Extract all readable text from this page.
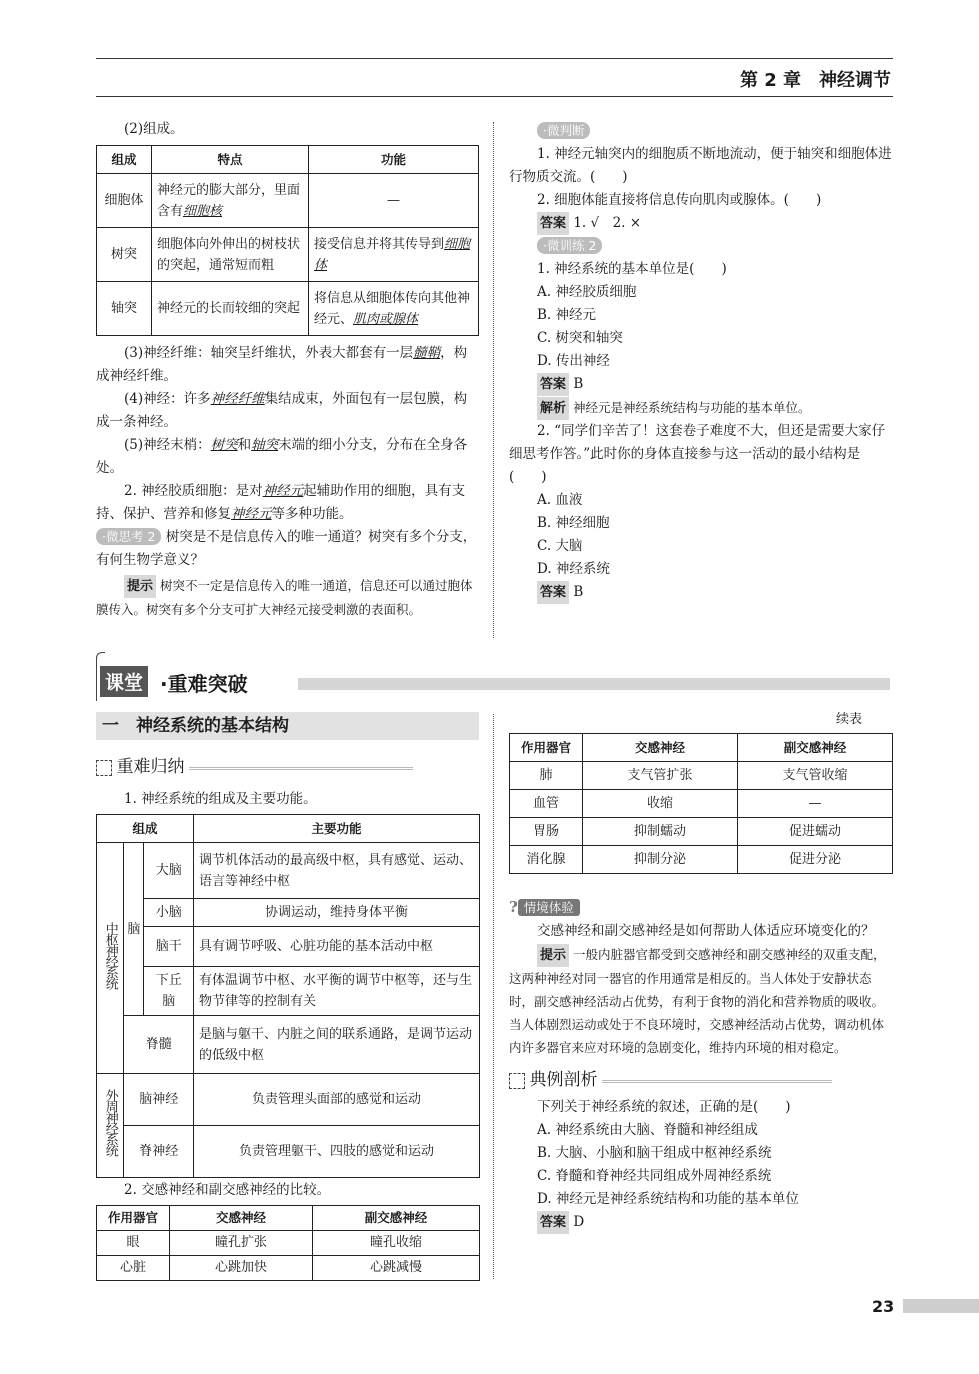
第 2 章　神经调节

(2)组成。

组成	特点	功能
细胞体	神经元的膨大部分，里面含有细胞核	—
树突	细胞体向外伸出的树枝状的突起，通常短而粗	接受信息并将其传导到细胞体
轴突	神经元的长而较细的突起	将信息从细胞体传向其他神经元、肌肉或腺体

(3)神经纤维：轴突呈纤维状，外表大都套有一层髓鞘，构成神经纤维。

(4)神经：许多神经纤维集结成束，外面包有一层包膜，构成一条神经。

(5)神经末梢：树突和轴突末端的细小分支，分布在全身各处。

2. 神经胶质细胞：是对神经元起辅助作用的细胞，具有支持、保护、营养和修复神经元等多种功能。

·微思考 2 树突是不是信息传入的唯一通道？树突有多个分支，有何生物学意义？

提示 树突不一定是信息传入的唯一通道，信息还可以通过胞体膜传入。树突有多个分支可扩大神经元接受刺激的表面积。

·微判断

1. 神经元轴突内的细胞质不断地流动，便于轴突和细胞体进行物质交流。(　　)

2. 细胞体能直接将信息传向肌肉或腺体。(　　)

答案 1. √　2. ×

·微训练 2

1. 神经系统的基本单位是(　　)

A. 神经胶质细胞

B. 神经元

C. 树突和轴突

D. 传出神经

答案 B

解析 神经元是神经系统结构与功能的基本单位。

2. “同学们辛苦了！这套卷子难度不大，但还是需要大家仔细思考作答。”此时你的身体直接参与这一活动的最小结构是(　　)

A. 血液

B. 神经细胞

C. 大脑

D. 神经系统

答案 B

课堂 ·重难突破
一　神经系统的基本结构
重难归纳
1. 神经系统的组成及主要功能。
组成			主要功能
中枢神经系统	脑	大脑	调节机体活动的最高级中枢，具有感觉、运动、语言等神经中枢
		小脑	协调运动，维持身体平衡
		脑干	具有调节呼吸、心脏功能的基本活动中枢
		下丘脑	有体温调节中枢、水平衡的调节中枢等，还与生物节律等的控制有关
	脊髓		是脑与躯干、内脏之间的联系通路，是调节运动的低级中枢
外周神经系统	脑神经		负责管理头面部的感觉和运动
	脊神经		负责管理躯干、四肢的感觉和运动
2. 交感神经和副交感神经的比较。
作用器官	交感神经	副交感神经
眼	瞳孔扩张	瞳孔收缩
心脏	心跳加快	心跳减慢
续表
作用器官	交感神经	副交感神经
肺	支气管扩张	支气管收缩
血管	收缩	—
胃肠	抑制蠕动	促进蠕动
消化腺	抑制分泌	促进分泌

? 情境体验

交感神经和副交感神经是如何帮助人体适应环境变化的？

提示 一般内脏器官都受到交感神经和副交感神经的双重支配，这两种神经对同一器官的作用通常是相反的。当人体处于安静状态时，副交感神经活动占优势，有利于食物的消化和营养物质的吸收。当人体剧烈运动或处于不良环境时，交感神经活动占优势，调动机体内许多器官来应对环境的急剧变化，维持内环境的相对稳定。

典例剖析

下列关于神经系统的叙述，正确的是(　　)

A. 神经系统由大脑、脊髓和神经组成

B. 大脑、小脑和脑干组成中枢神经系统

C. 脊髓和脊神经共同组成外周神经系统

D. 神经元是神经系统结构和功能的基本单位

答案 D

23
